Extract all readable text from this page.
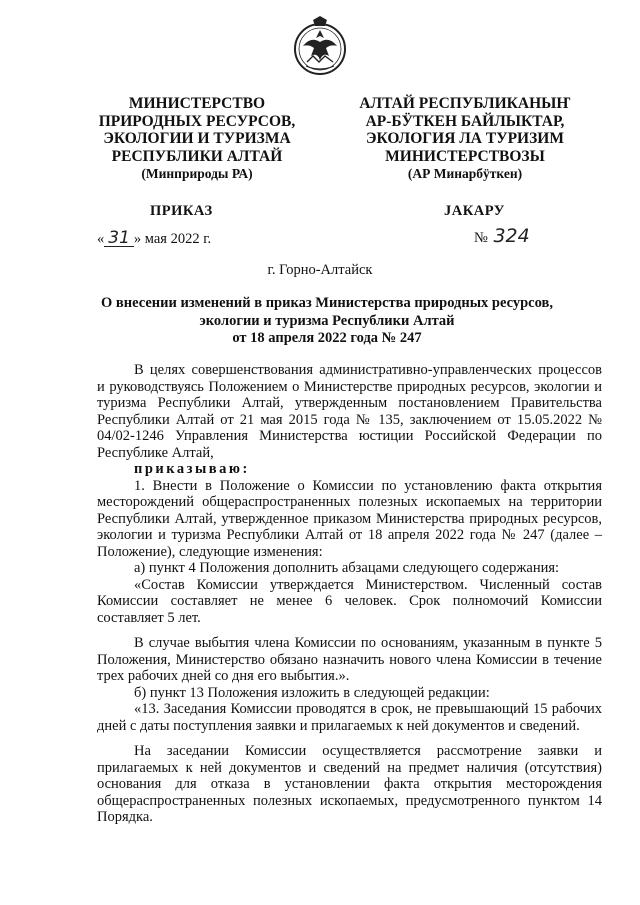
МИНИСТЕРСТВО
ПРИРОДНЫХ РЕСУРСОВ,
ЭКОЛОГИИ И ТУРИЗМА
РЕСПУБЛИКИ АЛТАЙ
(Минприроды РА)
АЛТАЙ РЕСПУБЛИКАНЫҤ
АР-БӰТКЕН БАЙЛЫКТАР,
ЭКОЛОГИЯ ЛА ТУРИЗИМ
МИНИСТЕРСТВОЗЫ
(АР Минарбӱткен)
ПРИКАЗ	ЈАКАРУ
« 31 » мая 2022 г.	№ 324
г. Горно-Алтайск
О внесении изменений в приказ Министерства природных ресурсов,
экологии и туризма Республики Алтай
от 18 апреля 2022 года № 247

В целях совершенствования административно-управленческих процессов и руководствуясь Положением о Министерстве природных ресурсов, экологии и туризма Республики Алтай, утвержденным постановлением Правительства Республики Алтай от 21 мая 2015 года № 135, заключением от 15.05.2022 № 04/02-1246 Управления Министерства юстиции Российской Федерации по Республике Алтай,

приказываю:

1. Внести в Положение о Комиссии по установлению факта открытия месторождений общераспространенных полезных ископаемых на территории Республики Алтай, утвержденное приказом Министерства природных ресурсов, экологии и туризма Республики Алтай от 18 апреля 2022 года № 247 (далее – Положение), следующие изменения:

а) пункт 4 Положения дополнить абзацами следующего содержания:

«Состав Комиссии утверждается Министерством. Численный состав Комиссии составляет не менее 6 человек. Срок полномочий Комиссии составляет 5 лет.

В случае выбытия члена Комиссии по основаниям, указанным в пункте 5 Положения, Министерство обязано назначить нового члена Комиссии в течение трех рабочих дней со дня его выбытия.».

б) пункт 13 Положения изложить в следующей редакции:

«13. Заседания Комиссии проводятся в срок, не превышающий 15 рабочих дней с даты поступления заявки и прилагаемых к ней документов и сведений.

На заседании Комиссии осуществляется рассмотрение заявки и прилагаемых к ней документов и сведений на предмет наличия (отсутствия) основания для отказа в установлении факта открытия месторождения общераспространенных полезных ископаемых, предусмотренного пунктом 14 Порядка.
